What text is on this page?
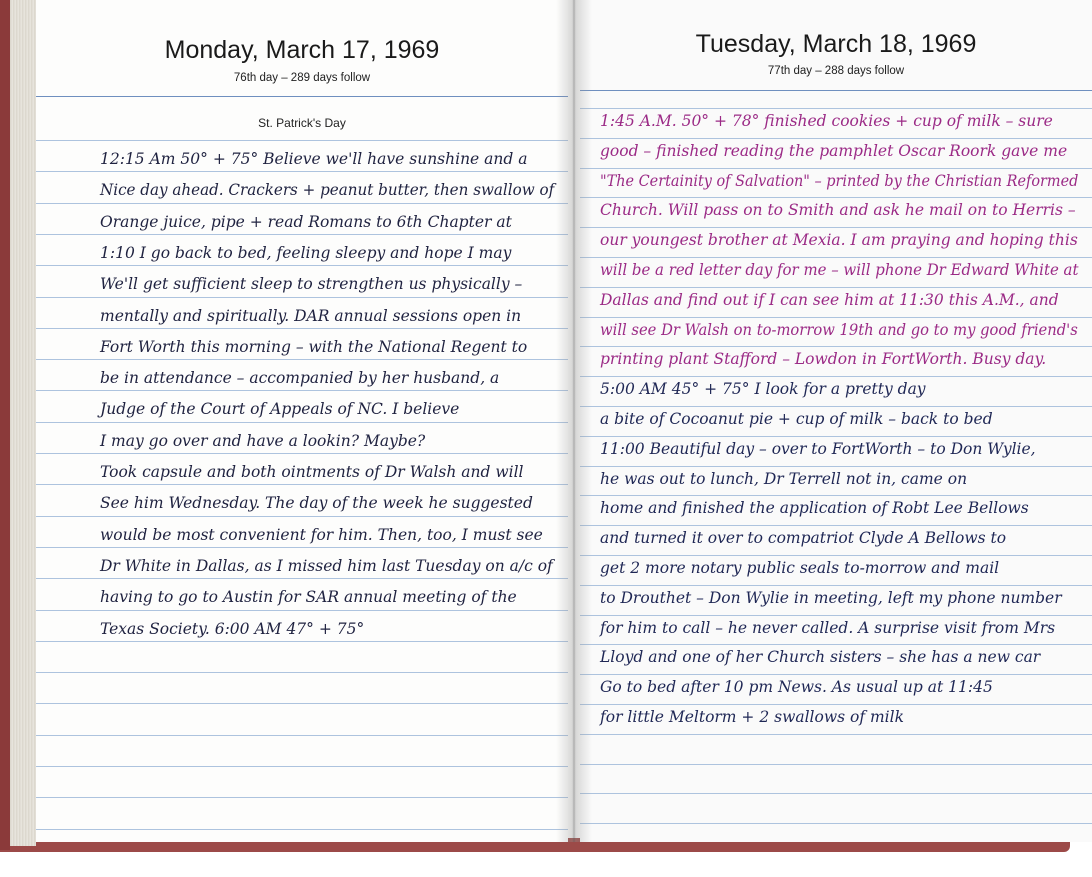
Monday, March 17, 1969
76th day – 289 days follow
St. Patrick's Day
12:15 Am 50° + 75° Believe we'll have sunshine and a
Nice day ahead. Crackers + peanut butter, then swallow of
Orange juice, pipe + read Romans to 6th Chapter at
1:10 I go back to bed, feeling sleepy and hope I may
We'll get sufficient sleep to strengthen us physically –
mentally and spiritually. DAR annual sessions open in
Fort Worth this morning – with the National Regent to
be in attendance – accompanied by her husband, a
Judge of the Court of Appeals of NC. I believe
I may go over and have a lookin? Maybe?
Took capsule and both ointments of Dr Walsh and will
See him Wednesday. The day of the week he suggested
would be most convenient for him. Then, too, I must see
Dr White in Dallas, as I missed him last Tuesday on a/c of
having to go to Austin for SAR annual meeting of the
Texas Society. 6:00 AM 47° + 75°
Tuesday, March 18, 1969
77th day – 288 days follow
1:45 A.M. 50° + 78° finished cookies + cup of milk – sure
good – finished reading the pamphlet Oscar Roork gave me
"The Certainity of Salvation" – printed by the Christian Reformed
Church. Will pass on to Smith and ask he mail on to Herris –
our youngest brother at Mexia. I am praying and hoping this
will be a red letter day for me – will phone Dr Edward White at
Dallas and find out if I can see him at 11:30 this A.M., and
will see Dr Walsh on to-morrow 19th and go to my good friend's
printing plant Stafford – Lowdon in FortWorth. Busy day.
5:00 AM 45° + 75° I look for a pretty day
a bite of Cocoanut pie + cup of milk – back to bed
11:00 Beautiful day – over to FortWorth – to Don Wylie,
he was out to lunch, Dr Terrell not in, came on
home and finished the application of Robt Lee Bellows
and turned it over to compatriot Clyde A Bellows to
get 2 more notary public seals to-morrow and mail
to Drouthet – Don Wylie in meeting, left my phone number
for him to call – he never called. A surprise visit from Mrs
Lloyd and one of her Church sisters – she has a new car
Go to bed after 10 pm News. As usual up at 11:45
for little Meltorm + 2 swallows of milk
